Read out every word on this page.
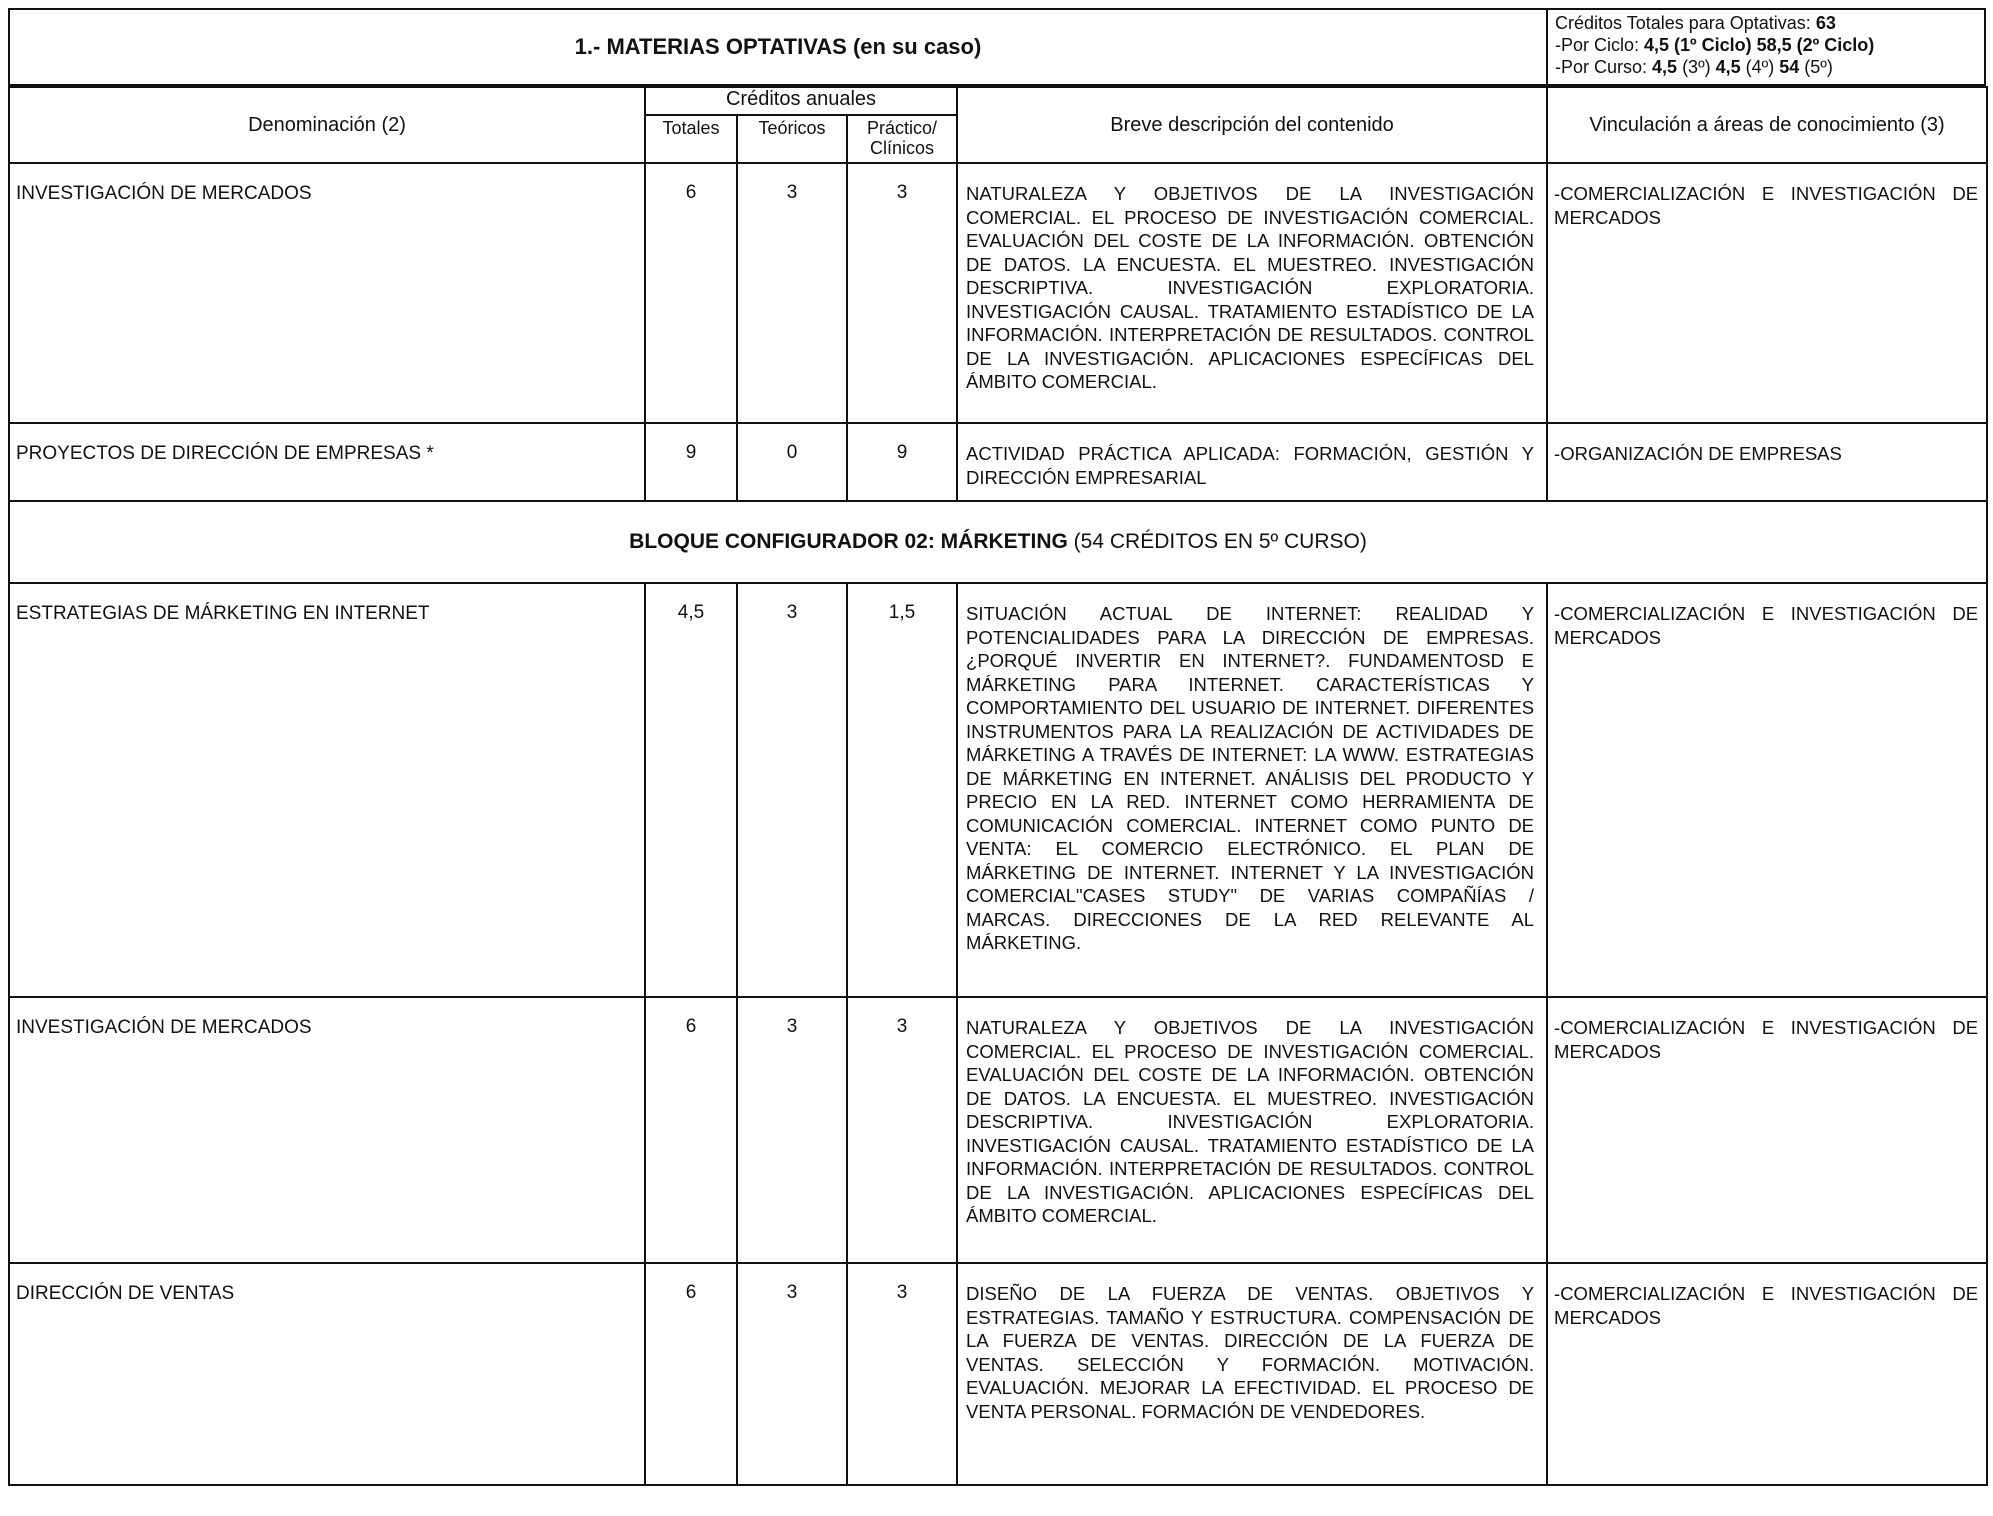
1.- MATERIAS OPTATIVAS (en su caso)
Créditos Totales para Optativas: 63
-Por Ciclo: 4,5 (1º Ciclo) 58,5 (2º Ciclo)
-Por Curso: 4,5 (3º) 4,5 (4º) 54 (5º)
Denominación (2)	Créditos anuales			Breve descripción del contenido	Vinculación a áreas de conocimiento (3)
	Totales	Teóricos	Práctico/ Clínicos		
INVESTIGACIÓN DE MERCADOS	6	3	3	NATURALEZA Y OBJETIVOS DE LA INVESTIGACIÓN COMERCIAL. EL PROCESO DE INVESTIGACIÓN COMERCIAL. EVALUACIÓN DEL COSTE DE LA INFORMACIÓN. OBTENCIÓN DE DATOS. LA ENCUESTA. EL MUESTREO. INVESTIGACIÓN DESCRIPTIVA. INVESTIGACIÓN EXPLORATORIA. INVESTIGACIÓN CAUSAL. TRATAMIENTO ESTADÍSTICO DE LA INFORMACIÓN. INTERPRETACIÓN DE RESULTADOS. CONTROL DE LA INVESTIGACIÓN. APLICACIONES ESPECÍFICAS DEL ÁMBITO COMERCIAL.	-COMERCIALIZACIÓN E INVESTIGACIÓN DE MERCADOS
PROYECTOS DE DIRECCIÓN DE EMPRESAS *	9	0	9	ACTIVIDAD PRÁCTICA APLICADA: FORMACIÓN, GESTIÓN Y DIRECCIÓN EMPRESARIAL	-ORGANIZACIÓN DE EMPRESAS
BLOQUE CONFIGURADOR 02: MÁRKETING (54 CRÉDITOS EN 5º CURSO)					
ESTRATEGIAS DE MÁRKETING EN INTERNET	4,5	3	1,5	SITUACIÓN ACTUAL DE INTERNET: REALIDAD Y POTENCIALIDADES PARA LA DIRECCIÓN DE EMPRESAS. ¿PORQUÉ INVERTIR EN INTERNET?. FUNDAMENTOSD E MÁRKETING PARA INTERNET. CARACTERÍSTICAS Y COMPORTAMIENTO DEL USUARIO DE INTERNET. DIFERENTES INSTRUMENTOS PARA LA REALIZACIÓN DE ACTIVIDADES DE MÁRKETING A TRAVÉS DE INTERNET: LA WWW. ESTRATEGIAS DE MÁRKETING EN INTERNET. ANÁLISIS DEL PRODUCTO Y PRECIO EN LA RED. INTERNET COMO HERRAMIENTA DE COMUNICACIÓN COMERCIAL. INTERNET COMO PUNTO DE VENTA: EL COMERCIO ELECTRÓNICO. EL PLAN DE MÁRKETING DE INTERNET. INTERNET Y LA INVESTIGACIÓN COMERCIAL"CASES STUDY" DE VARIAS COMPAÑÍAS / MARCAS. DIRECCIONES DE LA RED RELEVANTE AL MÁRKETING.	-COMERCIALIZACIÓN E INVESTIGACIÓN DE MERCADOS
INVESTIGACIÓN DE MERCADOS	6	3	3	NATURALEZA Y OBJETIVOS DE LA INVESTIGACIÓN COMERCIAL. EL PROCESO DE INVESTIGACIÓN COMERCIAL. EVALUACIÓN DEL COSTE DE LA INFORMACIÓN. OBTENCIÓN DE DATOS. LA ENCUESTA. EL MUESTREO. INVESTIGACIÓN DESCRIPTIVA. INVESTIGACIÓN EXPLORATORIA. INVESTIGACIÓN CAUSAL. TRATAMIENTO ESTADÍSTICO DE LA INFORMACIÓN. INTERPRETACIÓN DE RESULTADOS. CONTROL DE LA INVESTIGACIÓN. APLICACIONES ESPECÍFICAS DEL ÁMBITO COMERCIAL.	-COMERCIALIZACIÓN E INVESTIGACIÓN DE MERCADOS
DIRECCIÓN DE VENTAS	6	3	3	DISEÑO DE LA FUERZA DE VENTAS. OBJETIVOS Y ESTRATEGIAS. TAMAÑO Y ESTRUCTURA. COMPENSACIÓN DE LA FUERZA DE VENTAS. DIRECCIÓN DE LA FUERZA DE VENTAS. SELECCIÓN Y FORMACIÓN. MOTIVACIÓN. EVALUACIÓN. MEJORAR LA EFECTIVIDAD. EL PROCESO DE VENTA PERSONAL. FORMACIÓN DE VENDEDORES.	-COMERCIALIZACIÓN E INVESTIGACIÓN DE MERCADOS
